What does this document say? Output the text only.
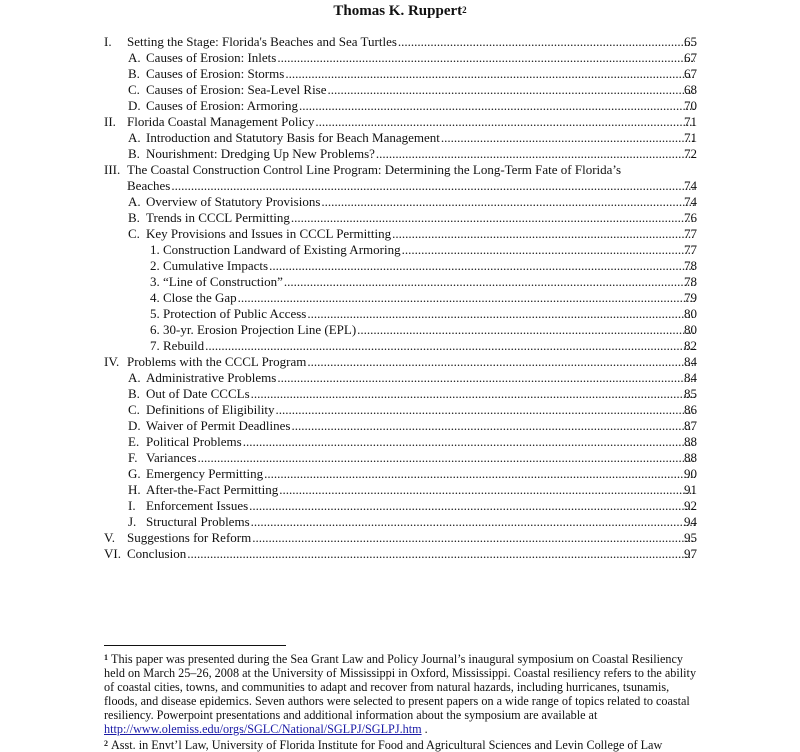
Thomas K. Ruppert$^2$
I. Setting the Stage: Florida's Beaches and Sea Turtles .....	65
A. Causes of Erosion: Inlets .....	67
B. Causes of Erosion: Storms .....	67
C. Causes of Erosion: Sea-Level Rise .....	68
D. Causes of Erosion: Armoring .....	70
II. Florida Coastal Management Policy .....	71
A. Introduction and Statutory Basis for Beach Management .....	71
B. Nourishment: Dredging Up New Problems? .....	72
III. The Coastal Construction Control Line Program: Determining the Long-Term Fate of Florida’s
Beaches .....	74
A. Overview of Statutory Provisions .....	74
B. Trends in CCCL Permitting .....	76
C. Key Provisions and Issues in CCCL Permitting .....	77
1. Construction Landward of Existing Armoring .....	77
2. Cumulative Impacts .....	78
3. “Line of Construction” .....	78
4. Close the Gap .....	79
5. Protection of Public Access .....	80
6. 30-yr. Erosion Projection Line (EPL) .....	80
7. Rebuild .....	82
IV. Problems with the CCCL Program .....	84
A. Administrative Problems .....	84
B. Out of Date CCCLs .....	85
C. Definitions of Eligibility .....	86
D. Waiver of Permit Deadlines .....	87
E. Political Problems .....	88
F. Variances .....	88
G. Emergency Permitting .....	90
H. After-the-Fact Permitting .....	91
I. Enforcement Issues .....	92
J. Structural Problems .....	94
V. Suggestions for Reform .....	95
VI. Conclusion .....	97
$^1$ This paper was presented during the Sea Grant Law and Policy Journal’s inaugural symposium on Coastal Resiliency held on March 25–26, 2008 at the University of Mississippi in Oxford, Mississippi. Coastal resiliency refers to the ability of coastal cities, towns, and communities to adapt and recover from natural hazards, including hurricanes, tsunamis, floods, and disease epidemics. Seven authors were selected to present papers on a wide range of topics related to coastal resiliency. Powerpoint presentations and additional information about the symposium are available at http://www.olemiss.edu/orgs/SGLC/National/SGLPJ/SGLPJ.htm .
$^2$ Asst. in Envt’l Law, University of Florida Institute for Food and Agricultural Sciences and Levin College of Law
